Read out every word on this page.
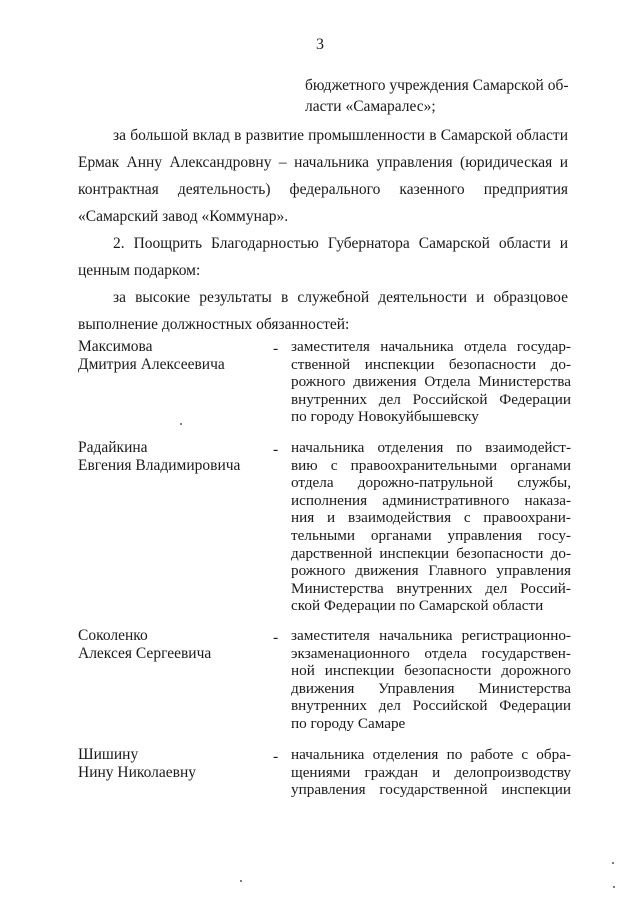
3
бюджетного учреждения Самарской об-
ласти «Самаралес»;
за большой вклад в развитие промышленности в Самарской области
Ермак Анну Александровну – начальника управления (юридическая и
контрактная деятельность) федерального казенного предприятия
«Самарский завод «Коммунар».
2. Поощрить Благодарностью Губернатора Самарской области и
ценным подарком:
за высокие результаты в служебной деятельности и образцовое
выполнение должностных обязанностей:
Максимова
Дмитрия Алексеевича
- заместителя начальника отдела государ-
ственной инспекции безопасности до-
рожного движения Отдела Министерства
внутренних дел Российской Федерации
по городу Новокуйбышевску
Радайкина
Евгения Владимировича
- начальника отделения по взаимодейст-
вию с правоохранительными органами
отдела дорожно-патрульной службы,
исполнения административного наказа-
ния и взаимодействия с правоохрани-
тельными органами управления госу-
дарственной инспекции безопасности до-
рожного движения Главного управления
Министерства внутренних дел Россий-
ской Федерации по Самарской области
Соколенко
Алексея Сергеевича
- заместителя начальника регистрационно-
экзаменационного отдела государствен-
ной инспекции безопасности дорожного
движения Управления Министерства
внутренних дел Российской Федерации
по городу Самаре
Шишину
Нину Николаевну
- начальника отделения по работе с обра-
щениями граждан и делопроизводству
управления государственной инспекции
